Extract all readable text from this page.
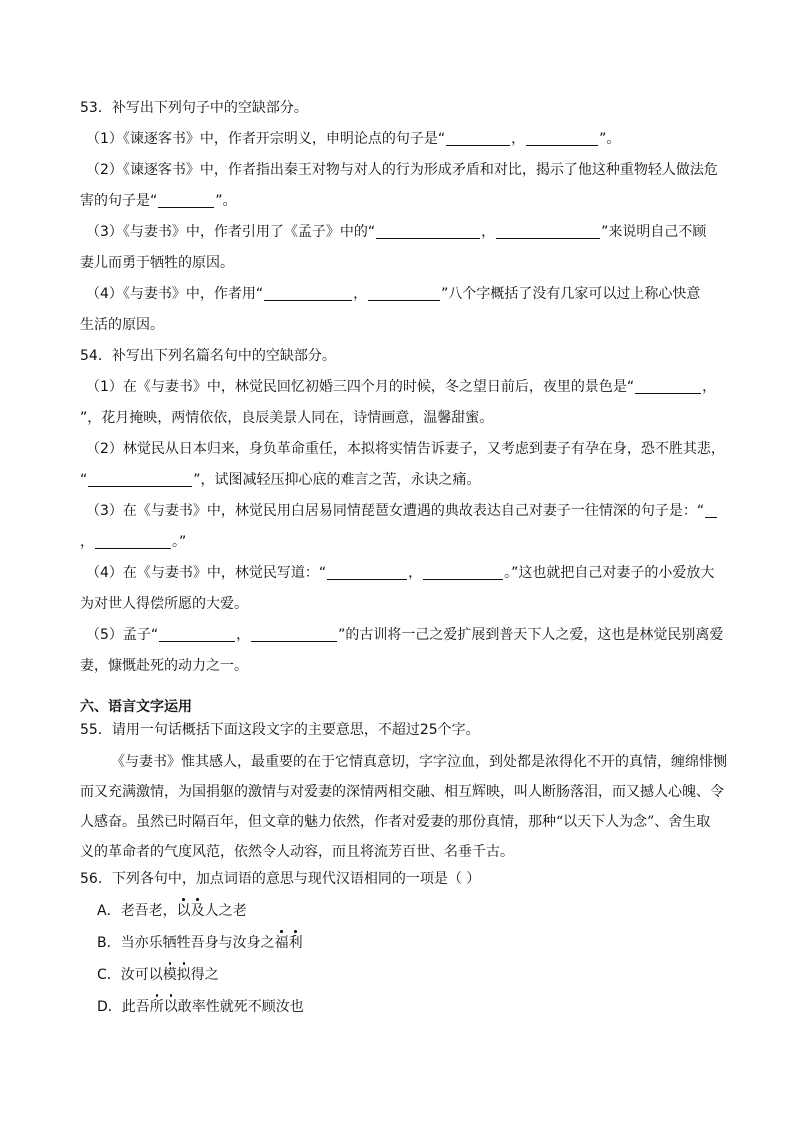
53．补写出下列句子中的空缺部分。
（1）《谏逐客书》中，作者开宗明义，申明论点的句子是“	，	”。
（2）《谏逐客书》中，作者指出秦王对物与对人的行为形成矛盾和对比，揭示了他这种重物轻人做法危
害的句子是“	”。
（3）《与妻书》中，作者引用了《孟子》中的“	，	”来说明自己不顾
妻儿而勇于牺牲的原因。
（4）《与妻书》中，作者用“	，	”八个字概括了没有几家可以过上称心快意
生活的原因。
54．补写出下列名篇名句中的空缺部分。
（1）在《与妻书》中，林觉民回忆初婚三四个月的时候，冬之望日前后，夜里的景色是“	，
”，花月掩映，两情依依，良辰美景人同在，诗情画意，温馨甜蜜。
（2）林觉民从日本归来，身负革命重任，本拟将实情告诉妻子，又考虑到妻子有孕在身，恐不胜其悲，
“	”，试图减轻压抑心底的难言之苦，永诀之痛。
（3）在《与妻书》中，林觉民用白居易同情琵琶女遭遇的典故表达自己对妻子一往情深的句子是：“
，	。”
（4）在《与妻书》中，林觉民写道：“	，	。”这也就把自己对妻子的小爱放大
为对世人得偿所愿的大爱。
（5）孟子“	，	”的古训将一己之爱扩展到普天下人之爱，这也是林觉民别离爱
妻，慷慨赴死的动力之一。
六、语言文字运用
55．请用一句话概括下面这段文字的主要意思，不超过25个字。
《与妻书》惟其感人，最重要的在于它情真意切，字字泣血，到处都是浓得化不开的真情，缠绵悱恻
而又充满激情，为国捐躯的激情与对爱妻的深情两相交融、相互辉映，叫人断肠落泪，而又撼人心魄、令
人感奋。虽然已时隔百年，但文章的魅力依然，作者对爱妻的那份真情，那种“以天下人为念”、舍生取
义的革命者的气度风范，依然令人动容，而且将流芳百世、名垂千古。
56．下列各句中，加点词语的意思与现代汉语相同的一项是（ ）
A．老吾老，以及人之老
B．当亦乐牺牲吾身与汝身之福利
C．汝可以模拟得之
D．此吾所以敢率性就死不顾汝也
